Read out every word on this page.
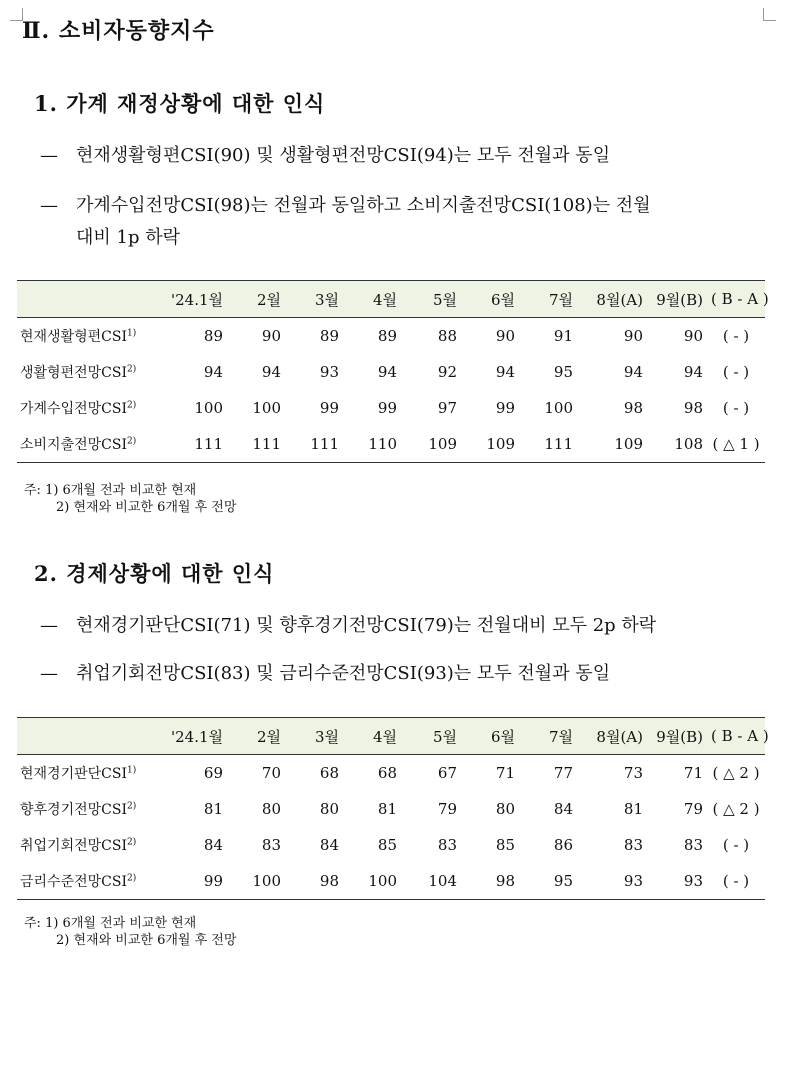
Ⅱ. 소비자동향지수
1. 가계 재정상황에 대한 인식
— 현재생활형편CSI(90) 및 생활형편전망CSI(94)는 모두 전월과 동일
— 가계수입전망CSI(98)는 전월과 동일하고 소비지출전망CSI(108)는 전월
대비 1p 하락
	'24.1월	2월	3월	4월	5월	6월	7월	8월(A)	9월(B)	( B - A )
현재생활형편CSI$^{1)}$	89	90	89	89	88	90	91	90	90	( - )
생활형편전망CSI$^{2)}$	94	94	93	94	92	94	95	94	94	( - )
가계수입전망CSI$^{2)}$	100	100	99	99	97	99	100	98	98	( - )
소비지출전망CSI$^{2)}$	111	111	111	110	109	109	111	109	108	( △ 1 )
주: 1) 6개월 전과 비교한 현재
2) 현재와 비교한 6개월 후 전망
2. 경제상황에 대한 인식
— 현재경기판단CSI(71) 및 향후경기전망CSI(79)는 전월대비 모두 2p 하락
— 취업기회전망CSI(83) 및 금리수준전망CSI(93)는 모두 전월과 동일
	'24.1월	2월	3월	4월	5월	6월	7월	8월(A)	9월(B)	( B - A )
현재경기판단CSI$^{1)}$	69	70	68	68	67	71	77	73	71	( △ 2 )
향후경기전망CSI$^{2)}$	81	80	80	81	79	80	84	81	79	( △ 2 )
취업기회전망CSI$^{2)}$	84	83	84	85	83	85	86	83	83	( - )
금리수준전망CSI$^{2)}$	99	100	98	100	104	98	95	93	93	( - )
주: 1) 6개월 전과 비교한 현재
2) 현재와 비교한 6개월 후 전망
